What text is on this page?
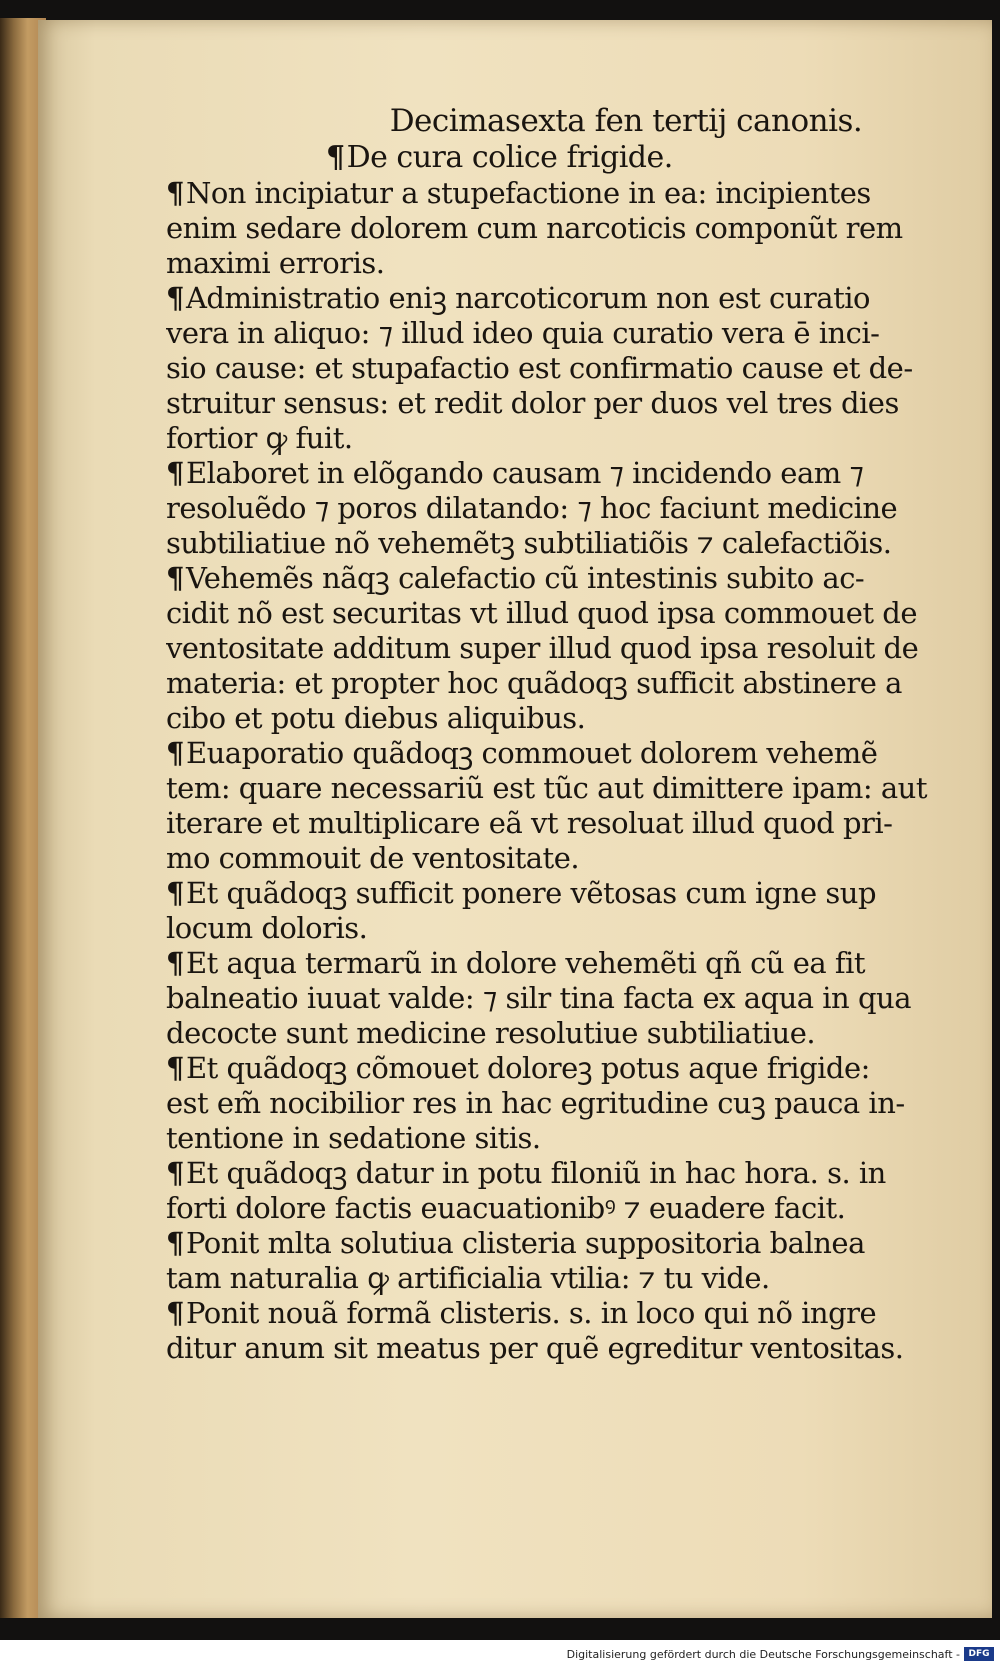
Decimasexta fen tertij canonis.

¶De cura colice frigide.

¶Non incipiatur a stupefactione in ea: incipientes
enim sedare dolorem cum narcoticis componũt rem
maximi erroris.

¶Administratio eniꝫ narcoticorum non est curatio
vera in aliquo: ⁊ illud ideo quia curatio vera ē inci-
sio cause: et stupafactio est confirmatio cause et de-
struitur sensus: et redit dolor per duos vel tres dies
fortior ꝙ fuit.

¶Elaboret in elõgando causam ⁊ incidendo eam ⁊
resoluẽdo ⁊ poros dilatando: ⁊ hoc faciunt medicine
subtiliatiue nõ vehemẽtꝫ subtiliatiõis ⁊ calefactiõis.

¶Vehemẽs nãqꝫ calefactio cũ intestinis subito ac-
cidit nõ est securitas vt illud quod ipsa commouet de
ventositate additum super illud quod ipsa resoluit de
materia: et propter hoc quãdoqꝫ sufficit abstinere a
cibo et potu diebus aliquibus.

¶Euaporatio quãdoqꝫ commouet dolorem vehemẽ
tem: quare necessariũ est tũc aut dimittere ipam: aut
iterare et multiplicare eã vt resoluat illud quod pri-
mo commouit de ventositate.

¶Et quãdoqꝫ sufficit ponere vẽtosas cum igne sup
locum doloris.

¶Et aqua termarũ in dolore vehemẽti qñ cũ ea fit
balneatio iuuat valde: ⁊ silr tina facta ex aqua in qua
decocte sunt medicine resolutiue subtiliatiue.

¶Et quãdoqꝫ cõmouet doloreꝫ potus aque frigide:
est em̃ nocibilior res in hac egritudine cuꝫ pauca in-
tentione in sedatione sitis.

¶Et quãdoqꝫ datur in potu filoniũ in hac hora. s. in
forti dolore factis euacuationibꝰ ⁊ euadere facit.

¶Ponit mlta solutiua clisteria suppositoria balnea
tam naturalia ꝙ artificialia vtilia: ⁊ tu vide.

¶Ponit nouã formã clisteris. s. in loco qui nõ ingre
ditur anum sit meatus per quẽ egreditur ventositas.

Digitalisierung gefördert durch die Deutsche Forschungsgemeinschaft - DFG
